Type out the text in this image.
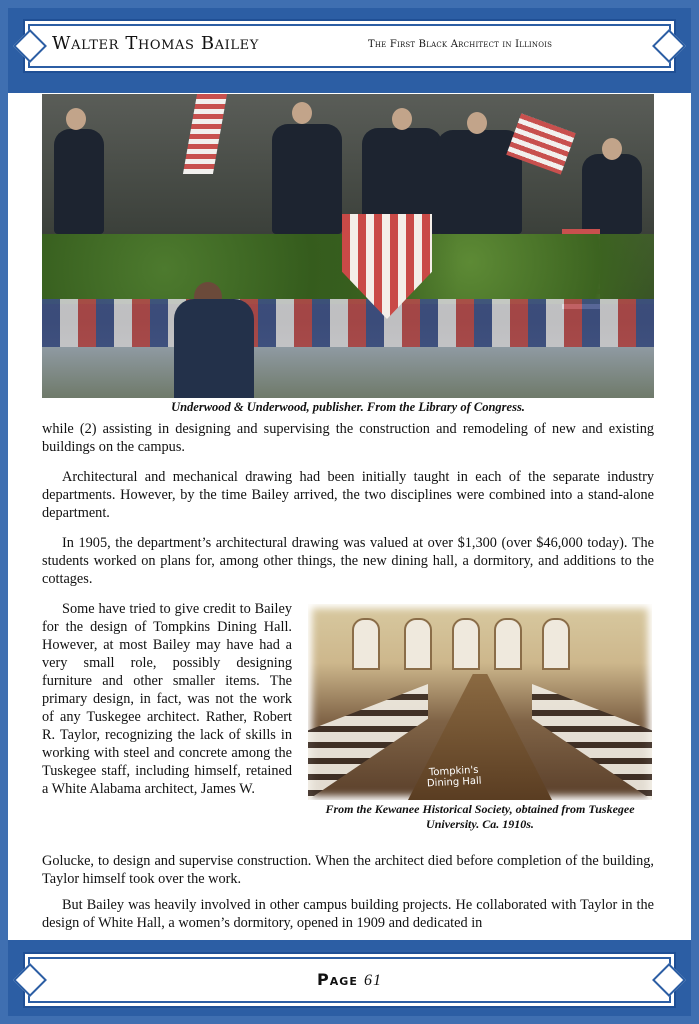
Walter Thomas Bailey	The First Black Architect in Illinois
Underwood & Underwood, publisher. From the Library of Congress.
while (2) assisting in designing and supervising the construction and remodeling of new and existing buildings on the campus.
Architectural and mechanical drawing had been initially taught in each of the separate industry departments. However, by the time Bailey arrived, the two disciplines were combined into a stand-alone department.
In 1905, the department’s architectural drawing was valued at over $1,300 (over $46,000 today). The students worked on plans for, among other things, the new dining hall, a dormitory, and additions to the cottages.
Some have tried to give credit to Bailey for the design of Tompkins Dining Hall. However, at most Bailey may have had a very small role, possibly designing furniture and other smaller items. The primary design, in fact, was not the work of any Tuskegee architect. Rather, Robert R. Taylor, recognizing the lack of skills in working with steel and concrete among the Tuskegee staff, including himself, retained a White Alabama architect, James W.
Tompkin's Dining Hall
From the Kewanee Historical Society, obtained from Tuskegee University. Ca. 1910s.
Golucke, to design and supervise construction. When the architect died before completion of the building, Taylor himself took over the work.
But Bailey was heavily involved in other campus building projects. He collaborated with Taylor in the design of White Hall, a women’s dormitory, opened in 1909 and dedicated in
Page 61
